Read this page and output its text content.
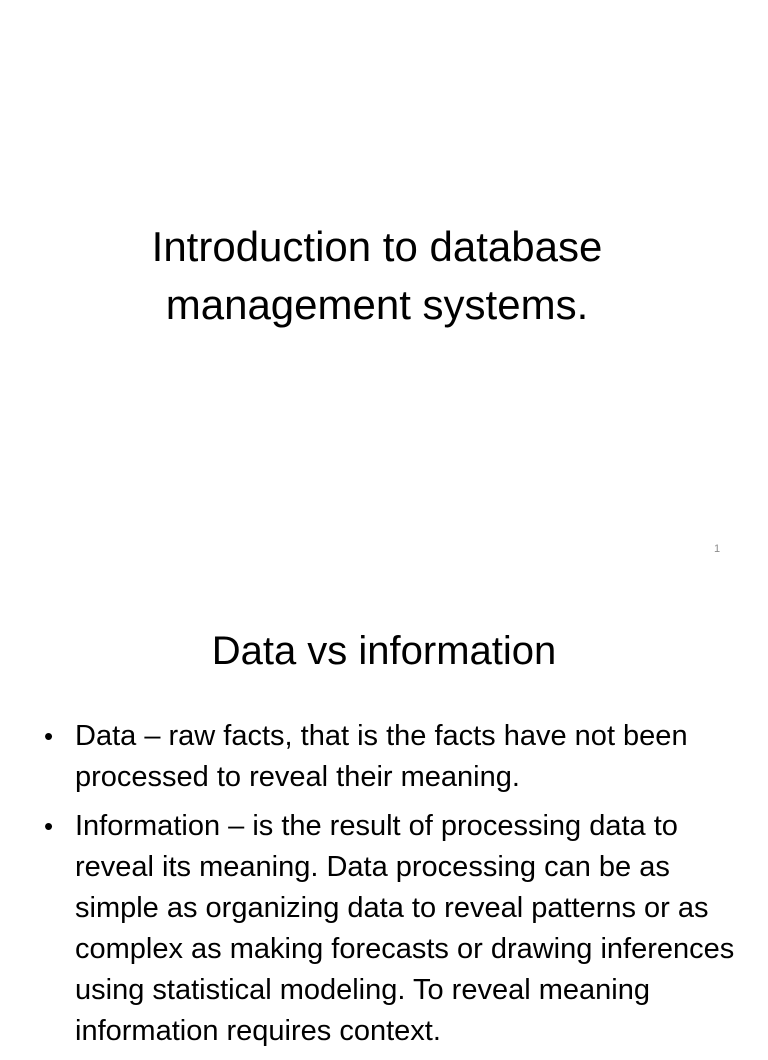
Introduction to database
management systems.
1
Data vs information
• Data – raw facts, that is the facts have not been processed to reveal their meaning.
• Information – is the result of processing data to reveal its meaning. Data processing can be as simple as organizing data to reveal patterns or as complex as making forecasts or drawing inferences using statistical modeling. To reveal meaning information requires context.
